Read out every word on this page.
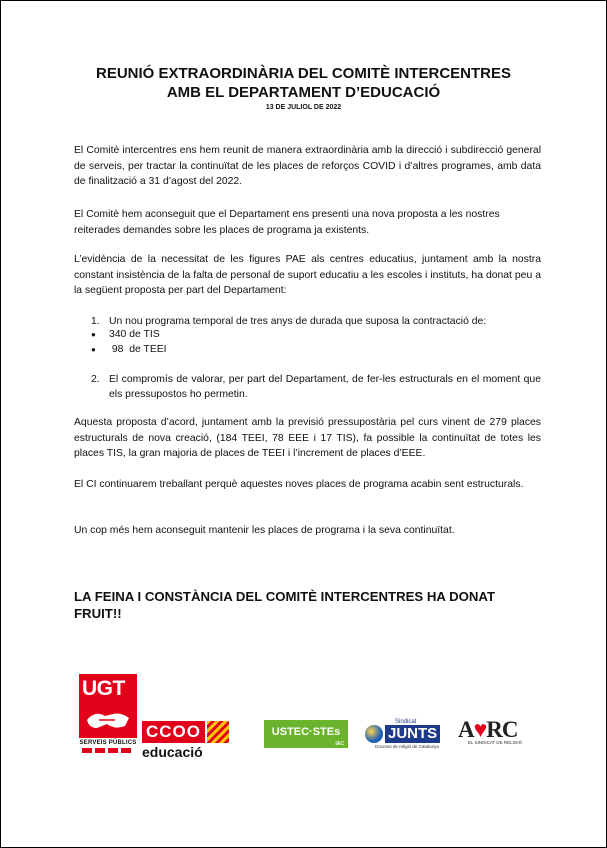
REUNIÓ EXTRAORDINÀRIA DEL COMITÈ INTERCENTRES
AMB EL DEPARTAMENT D’EDUCACIÓ
13 DE JULIOL DE 2022

El Comitè intercentres ens hem reunit de manera extraordinària amb la direcció i subdirecció general de serveis, per tractar la continuïtat de les places de reforços COVID i d’altres programes, amb data de finalització a 31 d’agost del 2022.

El Comitè hem aconseguit que el Departament ens presenti una nova proposta a les nostres reiterades demandes sobre les places de programa ja existents.

L’evidència de la necessitat de les figures PAE als centres educatius, juntament amb la nostra constant insistència de la falta de personal de suport educatiu a les escoles i instituts, ha donat peu a la següent proposta per part del Departament:

1. Un nou programa temporal de tres anys de durada que suposa la contractació de:
●	340 de TIS
●	98  de TEEI
2. El compromís de valorar, per part del Departament, de fer-les estructurals en el moment que els pressupostos ho permetin.

Aquesta proposta d’acord, juntament amb la previsió pressupostària pel curs vinent de 279 places estructurals de nova creació, (184 TEEI, 78 EEE i 17 TIS), fa possible la continuïtat de totes les places TIS, la gran majoria de places de TEEI i l’increment de places d’EEE.

El CI continuarem treballant perquè aquestes noves places de programa acabin sent estructurals.

Un cop més hem aconseguit mantenir les places de programa i la seva continuïtat.

LA FEINA I CONSTÀNCIA DEL COMITÈ INTERCENTRES HA DONAT FRUIT!!
UGT
SERVEIS PÚBLICS
CCOO
educació
USTEC·STEs
IAC
Sindicat
JUNTS
Docents de religió de Catalunya
A♥RC
EL SINDICAT DE RELIGIÓ
